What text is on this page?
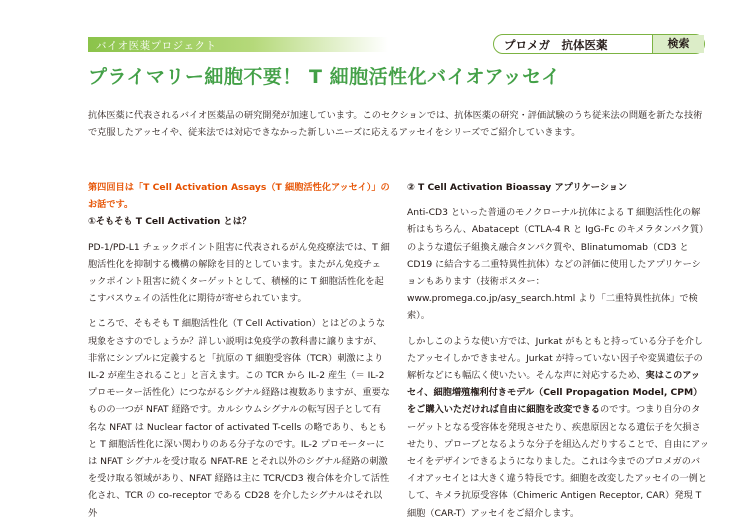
バイオ医薬プロジェクト	プロメガ　抗体医薬	検索
プライマリー細胞不要！ T 細胞活性化バイオアッセイ
抗体医薬に代表されるバイオ医薬品の研究開発が加速しています。このセクションでは、抗体医薬の研究・評価試験のうち従来法の問題を新たな技術で克服したアッセイや、従来法では対応できなかった新しいニーズに応えるアッセイをシリーズでご紹介していきます。
第四回目は「T Cell Activation Assays（T 細胞活性化アッセイ）」のお話です。
①そもそも T Cell Activation とは？
PD-1/PD-L1 チェックポイント阻害に代表されるがん免疫療法では、T 細胞活性化を抑制する機構の解除を目的としています。またがん免疫チェックポイント阻害に続くターゲットとして、積極的に T 細胞活性化を起こすバスウェイの活性化に期待が寄せられています。
ところで、そもそも T 細胞活性化（T Cell Activation）とはどのような現象をさすのでしょうか？詳しい説明は免疫学の教科書に譲りますが、非常にシンプルに定義すると「抗原の T 細胞受容体（TCR）刺激により IL-2 が産生されること」と言えます。この TCR から IL-2 産生（＝ IL-2 プロモーター活性化）につながるシグナル経路は複数ありますが、重要なものの一つが NFAT 経路です。カルシウムシグナルの転写因子として有名な NFAT は Nuclear factor of activated T-cells の略であり、もともと T 細胞活性化に深い関わりのある分子なのです。IL-2 プロモーターには NFAT シグナルを受け取る NFAT-RE とそれ以外のシグナル経路の刺激を受け取る領域があり、NFAT 経路は主に TCR/CD3 複合体を介して活性化され、TCR の co-receptor である CD28 を介したシグナルはそれ以外
② T Cell Activation Bioassay アプリケーション
Anti-CD3 といった普通のモノクローナル抗体による T 細胞活性化の解析はもちろん、Abatacept（CTLA-4 R と IgG-Fc のキメラタンパク質）のような遺伝子組換え融合タンパク質や、Blinatumomab（CD3 と CD19 に結合する二重特異性抗体）などの評価に使用したアプリケーションもあります（技術ポスター：www.promega.co.jp/asy_search.html より「二重特異性抗体」で検索）。
しかしこのような使い方では、Jurkat がもともと持っている分子を介したアッセイしかできません。Jurkat が持っていない因子や変異遺伝子の解析などにも幅広く使いたい。そんな声に対応するため、実はこのアッセイ、細胞増殖権利付きモデル（Cell Propagation Model, CPM）をご購入いただければ自由に細胞を改変できるのです。つまり自分のターゲットとなる受容体を発現させたり、疾患原因となる遺伝子を欠損させたり、プローブとなるような分子を組込んだりすることで、自由にアッセイをデザインできるようになりました。これは今までのプロメガのバイオアッセイとは大きく違う特長です。細胞を改変したアッセイの一例として、キメラ抗原受容体（Chimeric Antigen Receptor, CAR）発現 T 細胞（CAR-T）アッセイをご紹介します。
